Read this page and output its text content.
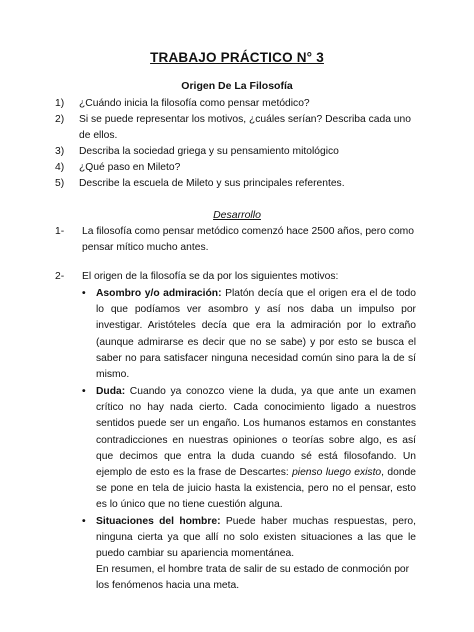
TRABAJO PRÁCTICO N° 3
Origen De La Filosofía
1) ¿Cuándo inicia la filosofía como pensar metódico?
2) Si se puede representar los motivos, ¿cuáles serían? Describa cada uno de ellos.
3) Describa la sociedad griega y su pensamiento mitológico
4) ¿Qué paso en Mileto?
5) Describe la escuela de Mileto y sus principales referentes.
Desarrollo
1- La filosofía como pensar metódico comenzó hace 2500 años, pero como pensar mítico mucho antes.
2- El origen de la filosofía se da por los siguientes motivos:
• Asombro y/o admiración: Platón decía que el origen era el de todo lo que podíamos ver asombro y así nos daba un impulso por investigar. Aristóteles decía que era la admiración por lo extraño (aunque admirarse es decir que no se sabe) y por esto se busca el saber no para satisfacer ninguna necesidad común sino para la de sí mismo.
• Duda: Cuando ya conozco viene la duda, ya que ante un examen crítico no hay nada cierto. Cada conocimiento ligado a nuestros sentidos puede ser un engaño. Los humanos estamos en constantes contradicciones en nuestras opiniones o teorías sobre algo, es así que decimos que entra la duda cuando sé está filosofando. Un ejemplo de esto es la frase de Descartes: pienso luego existo, donde se pone en tela de juicio hasta la existencia, pero no el pensar, esto es lo único que no tiene cuestión alguna.
• Situaciones del hombre: Puede haber muchas respuestas, pero, ninguna cierta ya que allí no solo existen situaciones a las que le puedo cambiar su apariencia momentánea.
En resumen, el hombre trata de salir de su estado de conmoción por los fenómenos hacia una meta.
